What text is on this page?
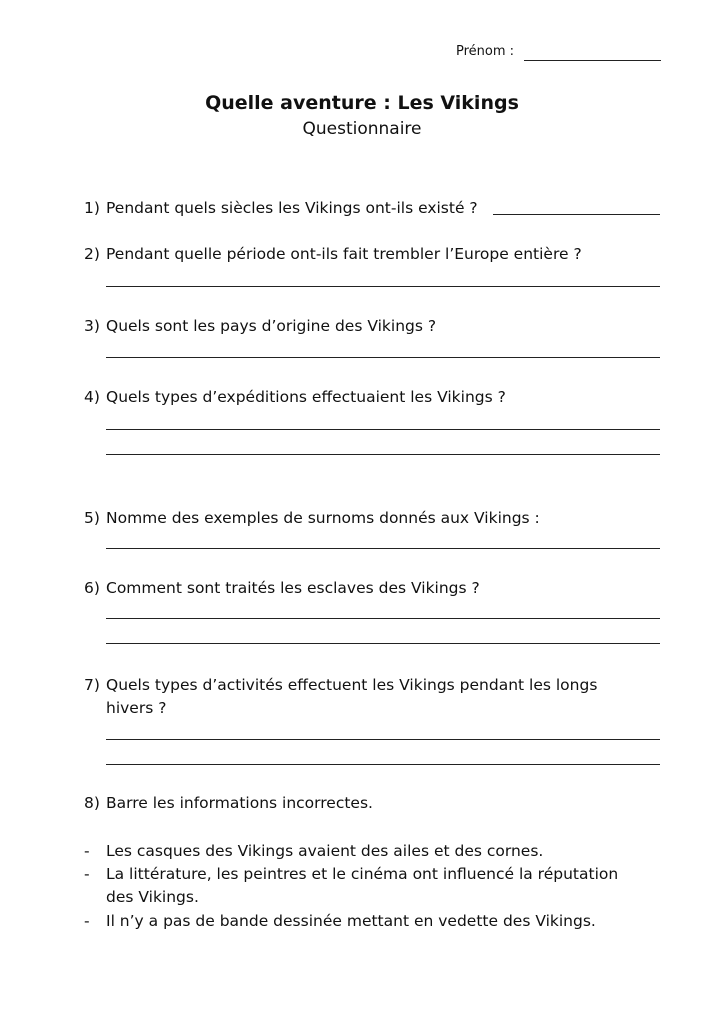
Prénom :
Quelle aventure : Les Vikings
Questionnaire
1) Pendant quels siècles les Vikings ont-ils existé ?
2) Pendant quelle période ont-ils fait trembler l’Europe entière ?
3) Quels sont les pays d’origine des Vikings ?
4) Quels types d’expéditions effectuaient les Vikings ?
5) Nomme des exemples de surnoms donnés aux Vikings :
6) Comment sont traités les esclaves des Vikings ?
7) Quels types d’activités effectuent les Vikings pendant les longs
hivers ?
8) Barre les informations incorrectes.
- Les casques des Vikings avaient des ailes et des cornes.
- La littérature, les peintres et le cinéma ont influencé la réputation
des Vikings.
- Il n’y a pas de bande dessinée mettant en vedette des Vikings.
